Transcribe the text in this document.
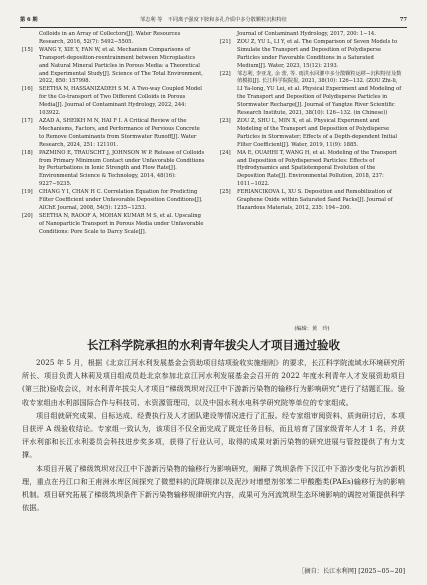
第 6 期	邹志利 等　不同离子强度下胺和多孔介质中多分散颗粒沉积特征	77
Colloids in an Array of Collectors[J]. Water Resources Research, 2016, 52(7): 5492−5505.
[15]	WANG Y, XIE Y, FAN W, et al. Mechanism Comparisons of Transport-deposition-reentrainment between Microplastics and Natural Mineral Particles in Porous Media: a Theoretical and Experimental Study[J]. Science of The Total Environment, 2022, 850: 157998.
[16]	SEETHA N, HASSANIZADEH S M. A Two-way Coupled Model for the Co-transport of Two Different Colloids in Porous Media[J]. Journal of Contaminant Hydrology, 2022, 244: 103922.
[17]	AZAD A, SHEIKH M N, HAI F I. A Critical Review of the Mechanisms, Factors, and Performance of Pervious Concrete to Remove Contaminants from Stormwater Runoff[J]. Water Research, 2024, 251: 121101.
[18]	PAZMINO E, TRAUSCHT J, JOHNSON W P. Release of Colloids from Primary Minimum Contact under Unfavorable Conditions by Perturbations in Ionic Strength and Flow Rate[J]. Environmental Science & Technology, 2014, 48(16): 9227−9235.
[19]	CHANG Y I, CHAN H C. Correlation Equation for Predicting Filter Coefficient under Unfavorable Deposition Conditions[J]. AIChE Journal, 2008, 54(5): 1235−1253.
[20]	SEETHA N, RAOOF A, MOHAN KUMAR M S, et al. Upscaling of Nanoparticle Transport in Porous Media under Unfavorable Conditions: Pore Scale to Darcy Scale[J].
Journal of Contaminant Hydrology, 2017, 200: 1−14.
[21]	ZOU Z, YU L, LI Y, et al. The Comparison of Seven Models to Simulate the Transport and Deposition of Polydisperse Particles under Favorable Conditions in a Saturated Medium[J]. Water, 2023, 15(12): 2193.
[22]	邹志利, 李亚龙, 余 蕾, 等. 雨洪水回灌中多分散颗粒运移−沉积特征及数值模拟[J]. 长江科学院院报, 2021, 38(10): 126−132. (ZOU Zhi-li, LI Ya-long, YU Lei, et al. Physical Experiment and Modeling of the Transport and Deposition of Polydisperse Particles in Stormwater Recharge[J]. Journal of Yangtze River Scientific Research Institute, 2021, 38(10): 126−132. (in Chinese))
[23]	ZOU Z, SHU L, MIN X, et al. Physical Experiment and Modeling of the Transport and Deposition of Polydisperse Particles in Stormwater; Effects of a Depth-dependent Initial Filter Coefficient[J]. Water, 2019, 11(9): 1885.
[24]	MA E, OUAHHI T, WANG H, et al. Modeling of the Transport and Deposition of Polydispersed Particles: Effects of Hydrodynamics and Spatiotemporal Evolution of the Deposition Rate[J]. Environmental Pollution, 2018, 237: 1011−1022.
[25]	FERIANCIKOVA L, XU S. Deposition and Remobilization of Graphene Oxide within Saturated Sand Packs[J]. Journal of Hazardous Materials, 2012, 235: 194−200.
(编辑：黄　玲)
长江科学院承担的水利青年拔尖人才项目通过验收

2025 年 5 月，根据《北京江河水利发展基金会资助项目结项验收实施细则》的要求，长江科学院流域水环境研究所所长、项目负责人林莉及项目组成员赴北京参加北京江河水利发展基金会召开的 2022 年度水利青年人才发展资助项目(第三批)验收会议，对水利青年拔尖人才项目“梯级筑坝对汉江中下游新污染物的输移行为影响研究”进行了结题汇报。验收专家组由水利部国际合作与科技司、水资源管理司，以及中国水利水电科学研究院等单位的专家组成。

项目组就研究成果、目标达成、经费执行及人才团队建设等情况进行了汇报。经专家组审阅资料、质询研讨后，本项目获评 A 级验收结论。专家组一致认为，该项目不仅全面完成了既定任务目标，而且培育了国家级青年人才 1 名，并获评水利部和长江水利委员会科技进步奖多项，获得了行业认可，取得的成果对新污染物的研究进展与管控提供了有力支撑。

本项目开展了梯级筑坝对汉江中下游新污染物的输移行为影响研究，阐释了筑坝条件下汉江中下游沙变化与抗沙新机理，重点在丹江口和王甫洲水库区间探究了微塑料的沉降规律以及泥沙对增塑剂邻苯二甲酸酯类(PAEs)输移行为的影响机制。项目研究拓展了梯级筑坝条件下新污染物输移规律研究内容，成果可为河流筑坝生态环境影响的调控对策提供科学依据。

［摘自：长江水利网] [2025−05−20]
